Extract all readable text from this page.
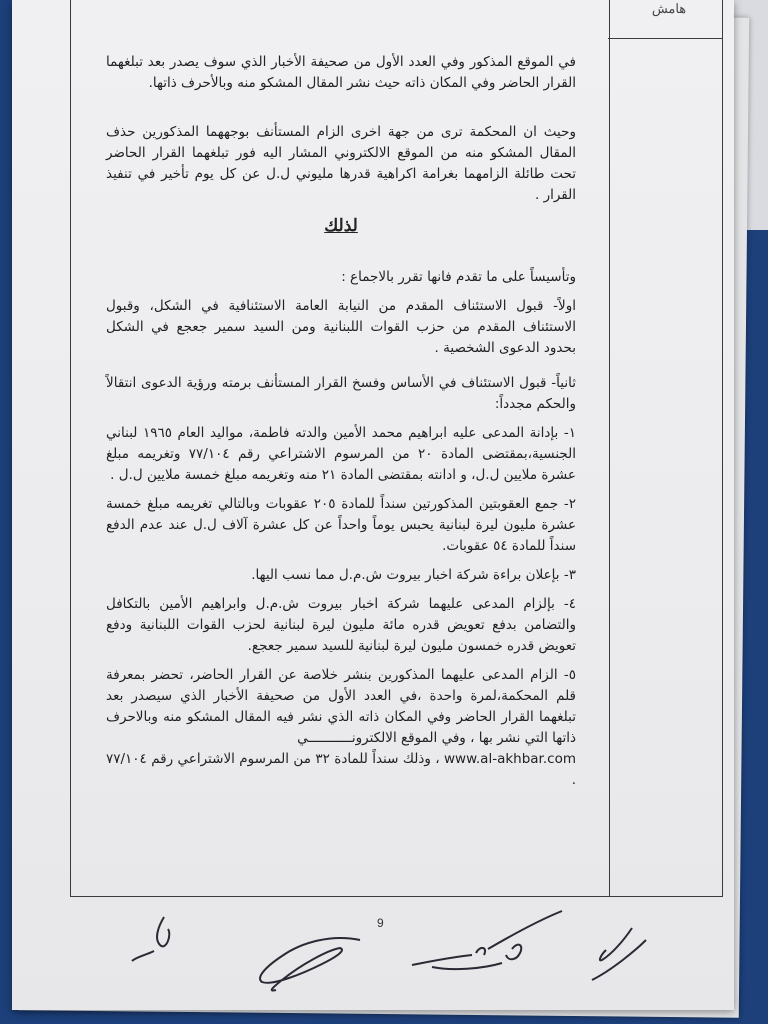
هامش

في الموقع المذكور وفي العدد الأول من صحيفة الأخبار الذي سوف يصدر بعد تبلغهما القرار الحاضر وفي المكان ذاته حيث نشر المقال المشكو منه وبالأحرف ذاتها.

وحيث ان المحكمة ترى من جهة اخرى الزام المستأنف بوجههما المذكورين حذف المقال المشكو منه من الموقع الالكتروني المشار اليه فور تبلغهما القرار الحاضر تحت طائلة الزامهما بغرامة اكراهية قدرها مليوني ل.ل عن كل يوم تأخير في تنفيذ القرار .

لذلك

وتأسيساً على ما تقدم فانها تقرر بالاجماع :

اولاً- قبول الاستئناف المقدم من النيابة العامة الاستئنافية في الشكل، وقبول الاستئناف المقدم من حزب القوات اللبنانية ومن السيد سمير جعجع في الشكل بحدود الدعوى الشخصية .

ثانياً- قبول الاستئناف في الأساس وفسخ القرار المستأنف برمته ورؤية الدعوى انتقالاً والحكم مجدداً:

١- بإدانة المدعى عليه ابراهيم محمد الأمين والدته فاطمة، مواليد العام ١٩٦٥ لبناني الجنسية،بمقتضى المادة ٢٠ من المرسوم الاشتراعي رقم ٧٧/١٠٤ وتغريمه مبلغ عشرة ملايين ل.ل، و ادانته بمقتضى المادة ٢١ منه وتغريمه مبلغ خمسة ملايين ل.ل .

٢- جمع العقوبتين المذكورتين سنداً للمادة ٢٠٥ عقوبات وبالتالي تغريمه مبلغ خمسة عشرة مليون ليرة لبنانية يحبس يوماً واحداً عن كل عشرة آلاف ل.ل عند عدم الدفع سنداً للمادة ٥٤ عقوبات.

٣- بإعلان براءة شركة اخبار بيروت ش.م.ل مما نسب اليها.

٤- بإلزام المدعى عليهما شركة اخبار بيروت ش.م.ل وابراهيم الأمين بالتكافل والتضامن بدفع تعويض قدره مائة مليون ليرة لبنانية لحزب القوات اللبنانية ودفع تعويض قدره خمسون مليون ليرة لبنانية للسيد سمير جعجع.

٥- الزام المدعى عليهما المذكورين بنشر خلاصة عن القرار الحاضر، تحضر بمعرفة قلم المحكمة،لمرة واحدة ،في العدد الأول من صحيفة الأخبار الذي سيصدر بعد تبلغهما القرار الحاضر وفي المكان ذاته الذي نشر فيه المقال المشكو منه وبالاحرف ذاتها التي نشر بها ، وفي الموقع الالكترونـــــــــــي

www.al-akhbar.com ، وذلك سنداً للمادة ٣٢ من المرسوم الاشتراعي رقم ٧٧/١٠٤ .

9
